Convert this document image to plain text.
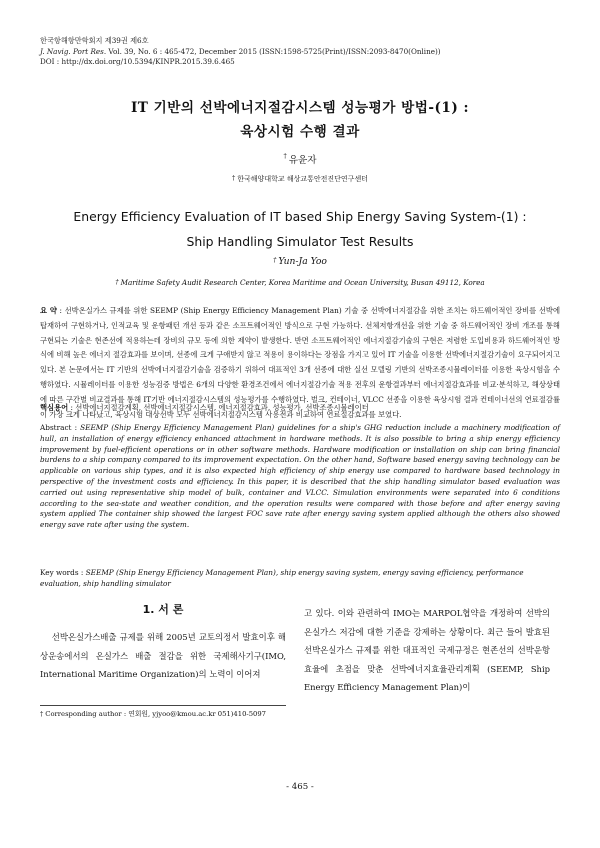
한국항해항만학회지 제39권 제6호
J. Navig. Port Res. Vol. 39, No. 6 : 465-472, December 2015 (ISSN:1598-5725(Print)/ISSN:2093-8470(Online))
DOI : http://dx.doi.org/10.5394/KINPR.2015.39.6.465
IT 기반의 선박에너지절감시스템 성능평가 방법-(1) :
육상시험 수행 결과
† 유윤자
† 한국해양대학교 해상교통안전진단연구센터
Energy Efficiency Evaluation of IT based Ship Energy Saving System-(1) :
Ship Handling Simulator Test Results
† Yun-Ja Yoo
† Maritime Safety Audit Research Center, Korea Maritime and Ocean University, Busan 49112, Korea
요 약 : 선박온실가스 규제를 위한 SEEMP (Ship Energy Efficiency Management Plan) 기술 중 선박에너지절감을 위한 조치는 하드웨어적인 장비를 선박에 탑재하여 구현하거나, 인적교육 및 운항패턴 개선 등과 같은 소프트웨어적인 방식으로 구현 가능하다. 선체저항개선을 위한 기술 중 하드웨어적인 장비 개조를 통해 구현되는 기술은 현존선에 적용하는데 장비의 규모 등에 의한 제약이 발생한다. 반면 소프트웨어적인 에너지절감기술의 구현은 저렴한 도입비용과 하드웨어적인 방식에 비해 높은 에너지 절감효과를 보이며, 선종에 크게 구애받지 않고 적용이 용이하다는 장점을 가지고 있어 IT 기술을 이용한 선박에너지절감기술이 요구되어지고 있다. 본 논문에서는 IT 기반의 선박에너지절감기술을 검증하기 위하여 대표적인 3개 선종에 대한 실선 모델링 기반의 선박조종시뮬레이터를 이용한 육상시험을 수행하였다. 시뮬레이터를 이용한 성능검증 방법은 6개의 다양한 환경조건에서 에너지절감기술 적용 전후의 운항결과부터 에너지절감효과를 비교·분석하고, 해상상태에 따른 구간별 비교결과를 통해 IT기반 에너지절감시스템의 성능평가를 수행하였다. 벌크, 컨테이너, VLCC 선종을 이용한 육상시험 결과 컨테이너선의 연료절감률이 가장 크게 나타났고, 육상시험 대상선박 모두 선박에너지절감시스템 사용전과 비교하여 연료절감효과를 보였다.
핵심용어 : 선박에너지절감계획, 선박에너지절감시스템, 에너지절감효과, 성능평가, 선박조종시뮬레이터
Abstract : SEEMP (Ship Energy Efficiency Management Plan) guidelines for a ship's GHG reduction include a machinery modification of hull, an installation of energy efficiency enhanced attachment in hardware methods. It is also possible to bring a ship energy efficiency improvement by fuel-efficient operations or in other software methods. Hardware modification or installation on ship can bring financial burdens to a ship company compared to its improvement expectation. On the other hand, Software based energy saving technology can be applicable on various ship types, and it is also expected high efficiency of ship energy use compared to hardware based technology in perspective of the investment costs and efficiency. In this paper, it is described that the ship handling simulator based evaluation was carried out using representative ship model of bulk, container and VLCC. Simulation environments were separated into 6 conditions according to the sea-state and weather condition, and the operation results were compared with those before and after energy saving system applied The container ship showed the largest FOC save rate after energy saving system applied although the others also showed energy save rate after using the system.
Key words : SEEMP (Ship Energy Efficiency Management Plan), ship energy saving system, energy saving efficiency, performance evaluation, ship handling simulator
1. 서 론
선박온실가스배출 규제를 위해 2005년 교토의정서 발효이후 해상운송에서의 온실가스 배출 절감을 위한 국제해사기구(IMO, International Maritime Organization)의 노력이 이어져
고 있다. 이와 관련하여 IMO는 MARPOL협약을 개정하여 선박의 온실가스 저감에 대한 기준을 강제하는 상황이다. 최근 들어 발효된 선박온실가스 규제를 위한 대표적인 국제규정은 현존선의 선박운항효율에 초점을 맞춘 선박에너지효율관리계획 (SEEMP, Ship Energy Efficiency Management Plan)이
† Corresponding author : 연회원, yjyoo@kmou.ac.kr 051)410-5097
- 465 -
